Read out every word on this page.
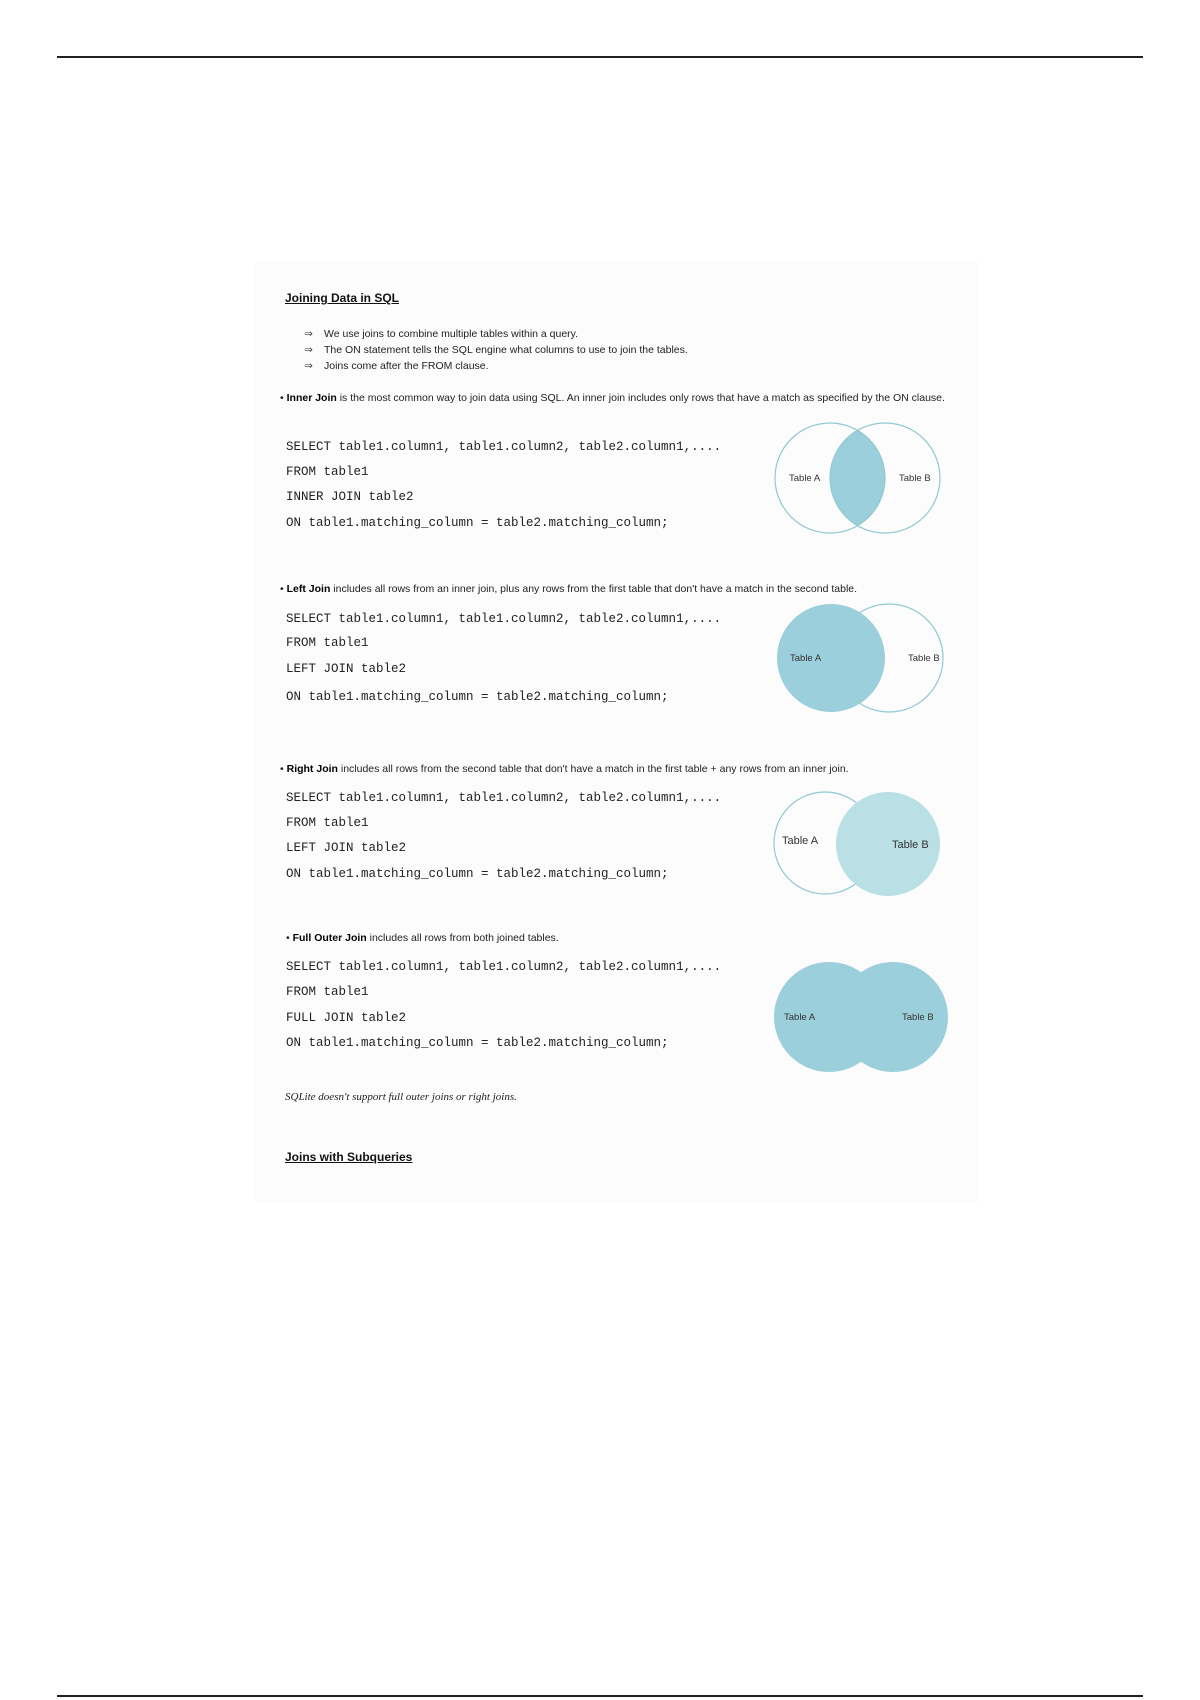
Joining Data in SQL
⇒ We use joins to combine multiple tables within a query.
⇒ The ON statement tells the SQL engine what columns to use to join the tables.
⇒ Joins come after the FROM clause.
• Inner Join is the most common way to join data using SQL. An inner join includes only rows that have a match as specified by the ON clause.
SELECT table1.column1, table1.column2, table2.column1,....
FROM table1
INNER JOIN table2
ON table1.matching_column = table2.matching_column;
Table A	Table B
• Left Join includes all rows from an inner join, plus any rows from the first table that don't have a match in the second table.
SELECT table1.column1, table1.column2, table2.column1,....
FROM table1
LEFT JOIN table2
ON table1.matching_column = table2.matching_column;
Table A	Table B
• Right Join includes all rows from the second table that don't have a match in the first table + any rows from an inner join.
SELECT table1.column1, table1.column2, table2.column1,....
FROM table1
LEFT JOIN table2
ON table1.matching_column = table2.matching_column;
Table A	Table B
• Full Outer Join includes all rows from both joined tables.
SELECT table1.column1, table1.column2, table2.column1,....
FROM table1
FULL JOIN table2
ON table1.matching_column = table2.matching_column;
Table A	Table B
SQLite doesn't support full outer joins or right joins.
Joins with Subqueries
